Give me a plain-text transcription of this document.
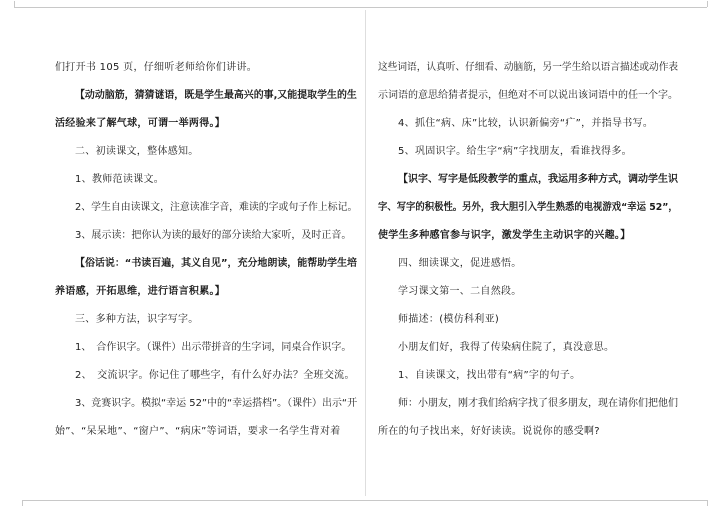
们打开书 105 页，仔细听老师给你们讲讲。
【动动脑筋，猜猜谜语，既是学生最高兴的事,又能提取学生的生
活经验来了解气球，可谓一举两得。】
二、初读课文，整体感知。
1、教师范读课文。
2、学生自由读课文，注意读准字音，难读的字或句子作上标记。
3、展示读：把你认为读的最好的部分读给大家听，及时正音。
【俗话说：“书读百遍，其义自见”，充分地朗读，能帮助学生培
养语感，开拓思维，进行语言积累。】
三、多种方法，识字写字。
1、　合作识字。（课件）出示带拼音的生字词，同桌合作识字。
2、　交流识字。你记住了哪些字，有什么好办法？全班交流。
3、竞赛识字。模拟“幸运 52”中的“幸运搭档”。（课件）出示“开
始”、“呆呆地”、“窗户”、“病床”等词语，要求一名学生背对着
这些词语，认真听、仔细看、动脑筋，另一学生给以语言描述或动作表
示词语的意思给猜者提示，但绝对不可以说出该词语中的任一个字。
4、抓住“病、床”比较，认识新偏旁“疒”，并指导书写。
5、巩固识字。给生字“病”字找朋友，看谁找得多。
【识字、写字是低段教学的重点，我运用多种方式，调动学生识
字、写字的积极性。另外，我大胆引入学生熟悉的电视游戏“幸运 52”，
使学生多种感官参与识字，激发学生主动识字的兴趣。】
四、细读课文，促进感悟。
学习课文第一、二自然段。
师描述：(模仿科利亚)
小朋友们好，我得了传染病住院了，真没意思。
1、自读课文，找出带有“病”字的句子。
师：小朋友，刚才我们给病字找了很多朋友，现在请你们把他们
所在的句子找出来，好好读读。说说你的感受啊?
